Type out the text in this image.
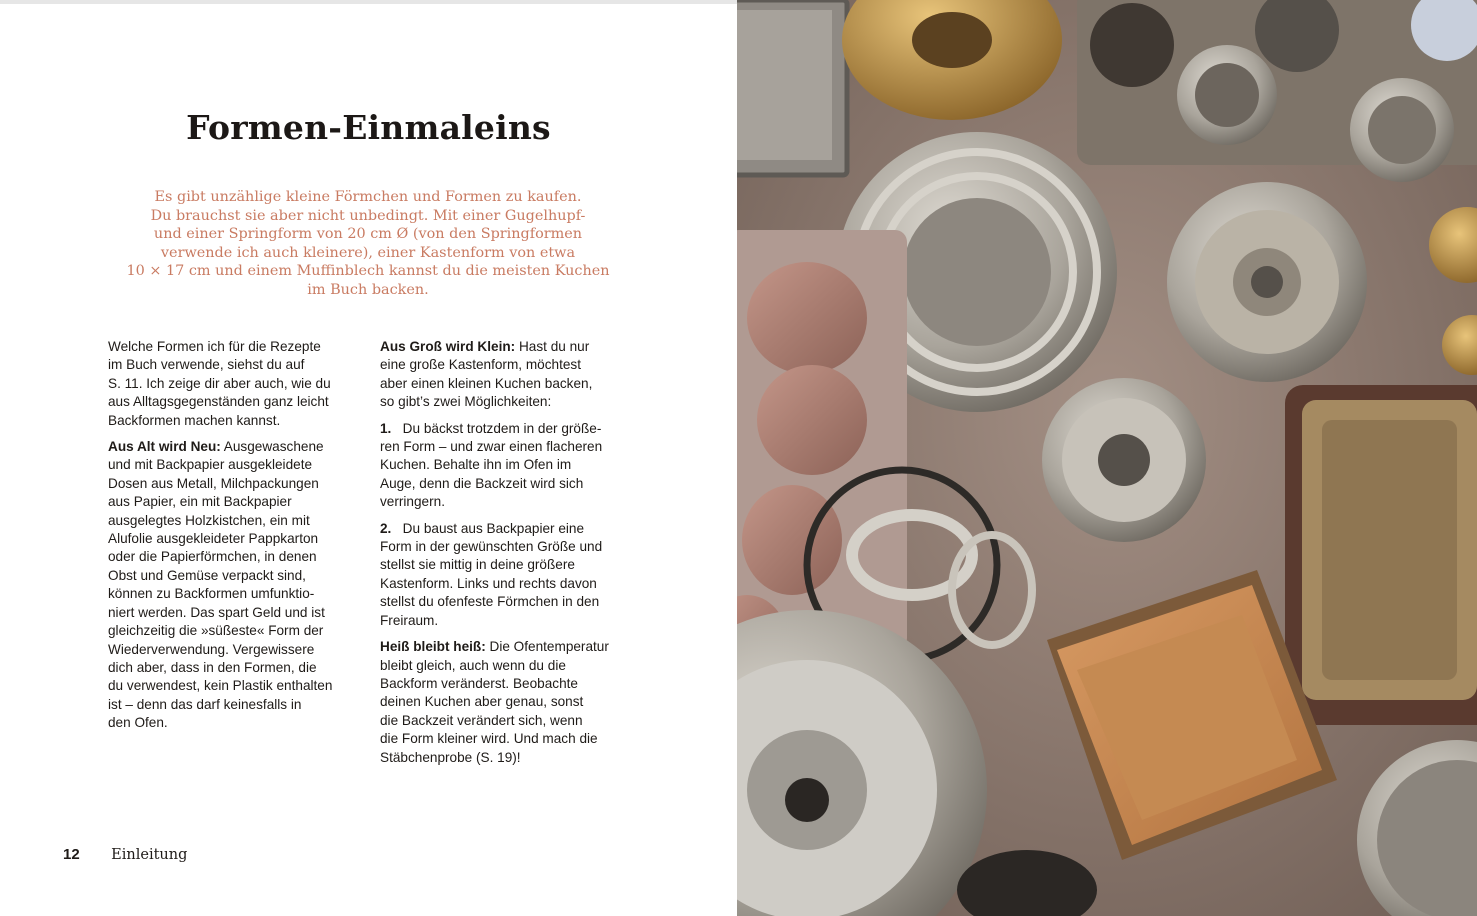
Formen-Einmaleins
Es gibt unzählige kleine Förmchen und Formen zu kaufen.
Du brauchst sie aber nicht unbedingt. Mit einer Gugelhupf-
und einer Springform von 20 cm Ø (von den Springformen
verwende ich auch kleinere), einer Kastenform von etwa
10 × 17 cm und einem Muffinblech kannst du die meisten Kuchen
im Buch backen.
Welche Formen ich für die Rezepte
im Buch verwende, siehst du auf
S. 11. Ich zeige dir aber auch, wie du
aus Alltagsgegenständen ganz leicht
Backformen machen kannst.
Aus Alt wird Neu: Ausgewaschene
und mit Backpapier ausgekleidete
Dosen aus Metall, Milchpackungen
aus Papier, ein mit Backpapier
ausgelegtes Holzkistchen, ein mit
Alufolie ausgekleideter Pappkarton
oder die Papierförmchen, in denen
Obst und Gemüse verpackt sind,
können zu Backformen umfunktio-
niert werden. Das spart Geld und ist
gleichzeitig die »süßeste« Form der
Wiederverwendung. Vergewissere
dich aber, dass in den Formen, die
du verwendest, kein Plastik enthalten
ist – denn das darf keinesfalls in
den Ofen.
Aus Groß wird Klein: Hast du nur
eine große Kastenform, möchtest
aber einen kleinen Kuchen backen,
so gibt’s zwei Möglichkeiten:
1.   Du bäckst trotzdem in der größe-
ren Form – und zwar einen flacheren
Kuchen. Behalte ihn im Ofen im
Auge, denn die Backzeit wird sich
verringern.
2.   Du baust aus Backpapier eine
Form in der gewünschten Größe und
stellst sie mittig in deine größere
Kastenform. Links und rechts davon
stellst du ofenfeste Förmchen in den
Freiraum.
Heiß bleibt heiß: Die Ofentemperatur
bleibt gleich, auch wenn du die
Backform veränderst. Beobachte
deinen Kuchen aber genau, sonst
die Backzeit verändert sich, wenn
die Form kleiner wird. Und mach die
Stäbchenprobe (S. 19)!
12 Einleitung
